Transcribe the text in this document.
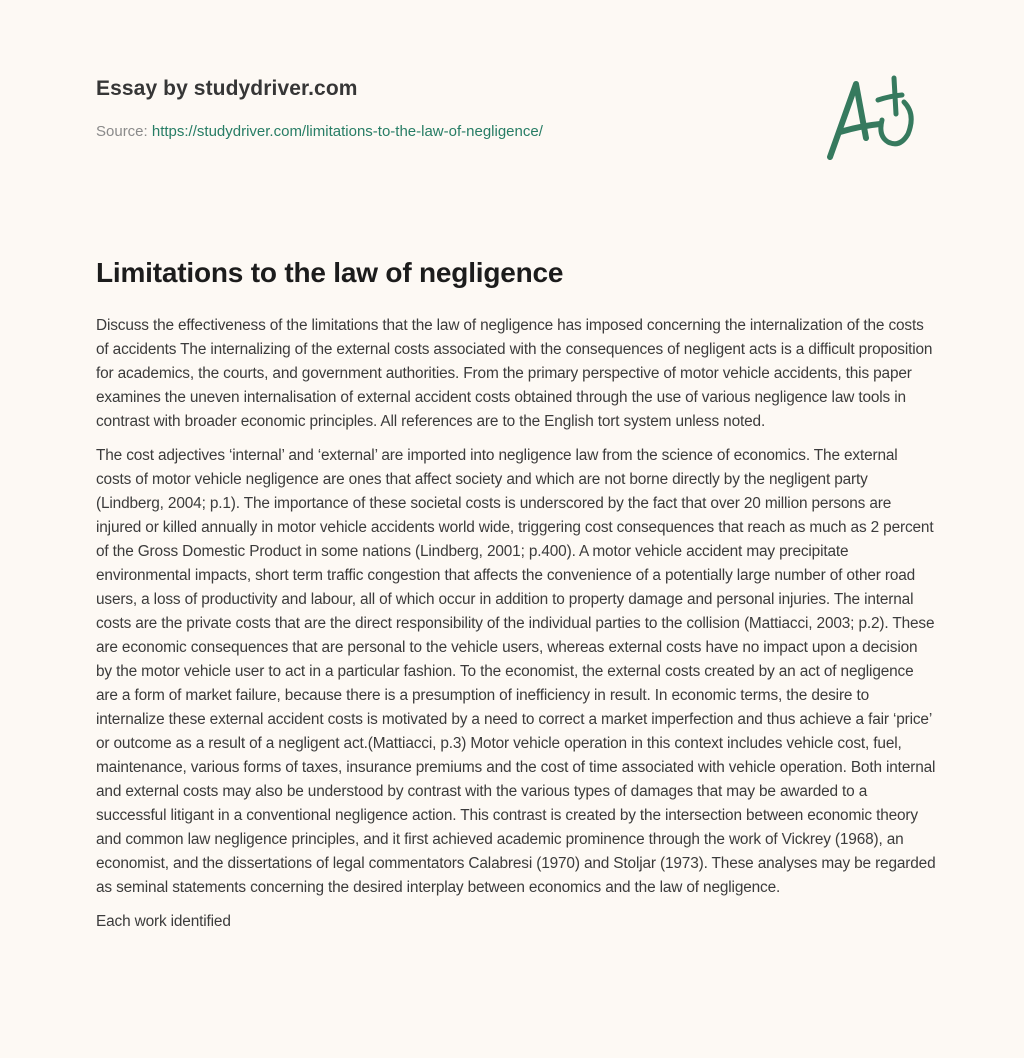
Essay by studydriver.com
Source: https://studydriver.com/limitations-to-the-law-of-negligence/
Limitations to the law of negligence

Discuss the effectiveness of the limitations that the law of negligence has imposed concerning the internalization of the costs of accidents The internalizing of the external costs associated with the consequences of negligent acts is a difficult proposition for academics, the courts, and government authorities. From the primary perspective of motor vehicle accidents, this paper examines the uneven internalisation of external accident costs obtained through the use of various negligence law tools in contrast with broader economic principles. All references are to the English tort system unless noted.

The cost adjectives ‘internal’ and ‘external’ are imported into negligence law from the science of economics. The external costs of motor vehicle negligence are ones that affect society and which are not borne directly by the negligent party (Lindberg, 2004; p.1). The importance of these societal costs is underscored by the fact that over 20 million persons are injured or killed annually in motor vehicle accidents world wide, triggering cost consequences that reach as much as 2 percent of the Gross Domestic Product in some nations (Lindberg, 2001; p.400). A motor vehicle accident may precipitate environmental impacts, short term traffic congestion that affects the convenience of a potentially large number of other road users, a loss of productivity and labour, all of which occur in addition to property damage and personal injuries. The internal costs are the private costs that are the direct responsibility of the individual parties to the collision (Mattiacci, 2003; p.2). These are economic consequences that are personal to the vehicle users, whereas external costs have no impact upon a decision by the motor vehicle user to act in a particular fashion. To the economist, the external costs created by an act of negligence are a form of market failure, because there is a presumption of inefficiency in result. In economic terms, the desire to internalize these external accident costs is motivated by a need to correct a market imperfection and thus achieve a fair ‘price’ or outcome as a result of a negligent act.(Mattiacci, p.3) Motor vehicle operation in this context includes vehicle cost, fuel, maintenance, various forms of taxes, insurance premiums and the cost of time associated with vehicle operation. Both internal and external costs may also be understood by contrast with the various types of damages that may be awarded to a successful litigant in a conventional negligence action. This contrast is created by the intersection between economic theory and common law negligence principles, and it first achieved academic prominence through the work of Vickrey (1968), an economist, and the dissertations of legal commentators Calabresi (1970) and Stoljar (1973). These analyses may be regarded as seminal statements concerning the desired interplay between economics and the law of negligence.

Each work identified
